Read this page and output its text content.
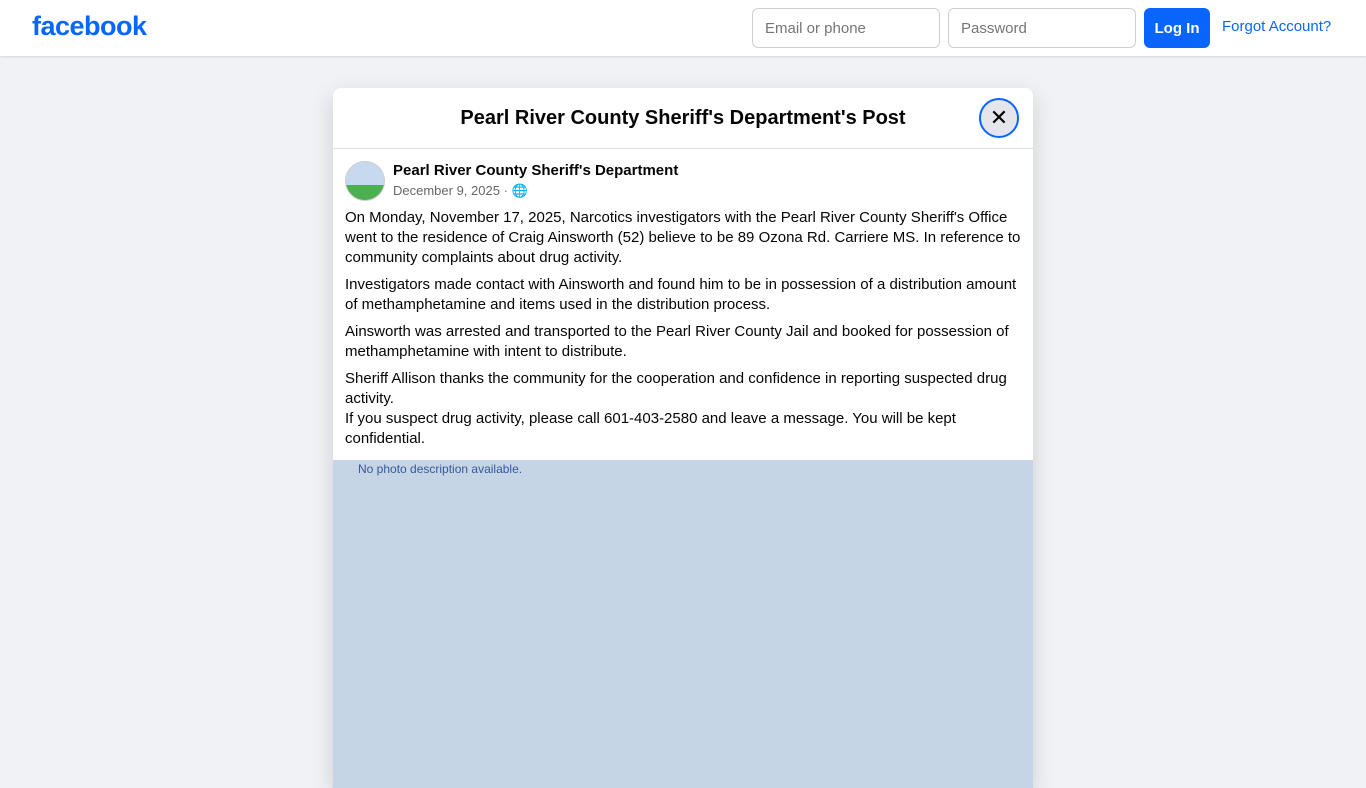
facebook
Email or phone	Log In	Forgot Account?
Pearl River County Sheriff's Department's Post	✕
Pearl River County Sheriff's Department
December 9, 2025 · 🌐

On Monday, November 17, 2025, Narcotics investigators with the Pearl River County Sheriff's Office went to the residence of Craig Ainsworth (52) believe to be 89 Ozona Rd. Carriere MS. In reference to community complaints about drug activity.

Investigators made contact with Ainsworth and found him to be in possession of a distribution amount of methamphetamine and items used in the distribution process.

Ainsworth was arrested and transported to the Pearl River County Jail and booked for possession of methamphetamine with intent to distribute.

Sheriff Allison thanks the community for the cooperation and confidence in reporting suspected drug activity.
If you suspect drug activity, please call 601-403-2580 and leave a message. You will be kept confidential.
No photo description available.
